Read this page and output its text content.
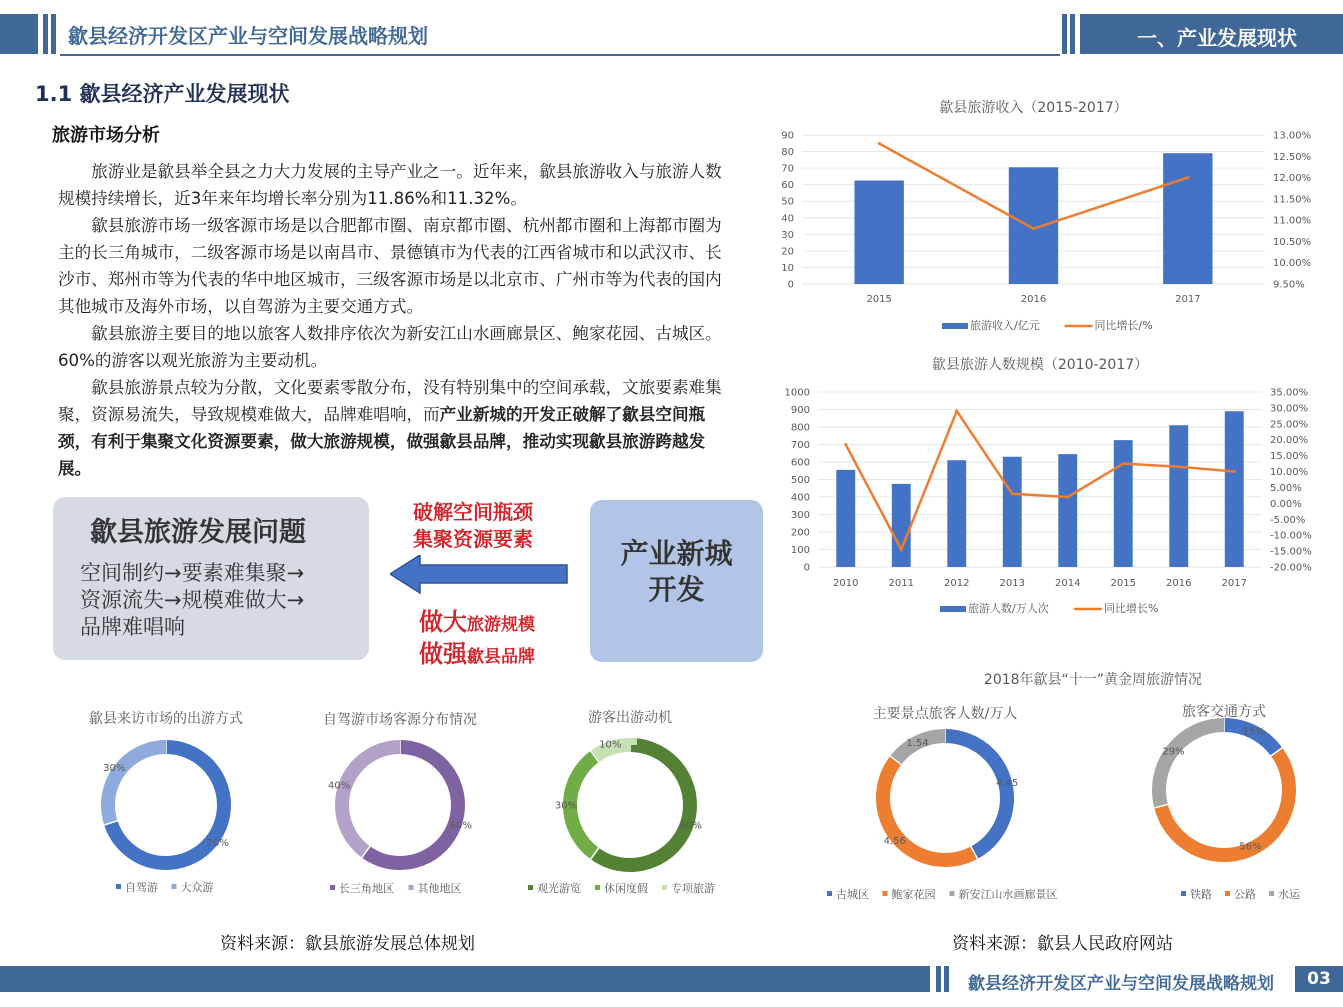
歙县经济开发区产业与空间发展战略规划	一、产业发展现状
1.1 歙县经济产业发展现状
旅游市场分析

旅游业是歙县举全县之力大力发展的主导产业之一。近年来，歙县旅游收入与旅游人数规模持续增长，近3年来年均增长率分别为11.86%和11.32%。

歙县旅游市场一级客源市场是以合肥都市圈、南京都市圈、杭州都市圈和上海都市圈为主的长三角城市，二级客源市场是以南昌市、景德镇市为代表的江西省城市和以武汉市、长沙市、郑州市等为代表的华中地区城市，三级客源市场是以北京市、广州市等为代表的国内其他城市及海外市场，以自驾游为主要交通方式。

歙县旅游主要目的地以旅客人数排序依次为新安江山水画廊景区、鲍家花园、古城区。60%的游客以观光旅游为主要动机。

歙县旅游景点较为分散，文化要素零散分布，没有特别集中的空间承载，文旅要素难集聚，资源易流失，导致规模难做大，品牌难唱响，而产业新城的开发正破解了歙县空间瓶颈，有利于集聚文化资源要素，做大旅游规模，做强歙县品牌，推动实现歙县旅游跨越发展。

歙县旅游发展问题
空间制约→要素难集聚→
资源流失→规模难做大→
品牌难唱响
破解空间瓶颈
集聚资源要素
做大旅游规模
做强歙县品牌
产业新城
开发
歙县旅游收入（2015-2017）
0
10
20
30
40
50
60
70
80
90
9.50%
10.00%
10.50%
11.00%
11.50%
12.00%
12.50%
13.00%
2015	2016	2017
旅游收入/亿元	同比增长/%
歙县旅游人数规模（2010-2017）
0
100
200
300
400
500
600
700
800
900
1000
-20.00%
-15.00%
-10.00%
-5.00%
0.00%
5.00%
10.00%
15.00%
20.00%
25.00%
30.00%
35.00%
2010	2011	2012	2013	2014	2015	2016	2017
旅游人数/万人次	同比增长%
歙县来访市场的出游方式
70%
30%
自驾游 大众游
自驾游市场客源分布情况
60%
40%
长三角地区 其他地区
游客出游动机
60%
30%
10%
观光游览 休闲度假 专项旅游
主要景点旅客人数/万人
4.45
4.56
1.54
古城区 鲍家花园 新安江山水画廊景区
旅客交通方式
15%
56%
29%
铁路 公路 水运
2018年歙县“十一”黄金周旅游情况
资料来源：歙县旅游发展总体规划	资料来源：歙县人民政府网站
歙县经济开发区产业与空间发展战略规划	03
